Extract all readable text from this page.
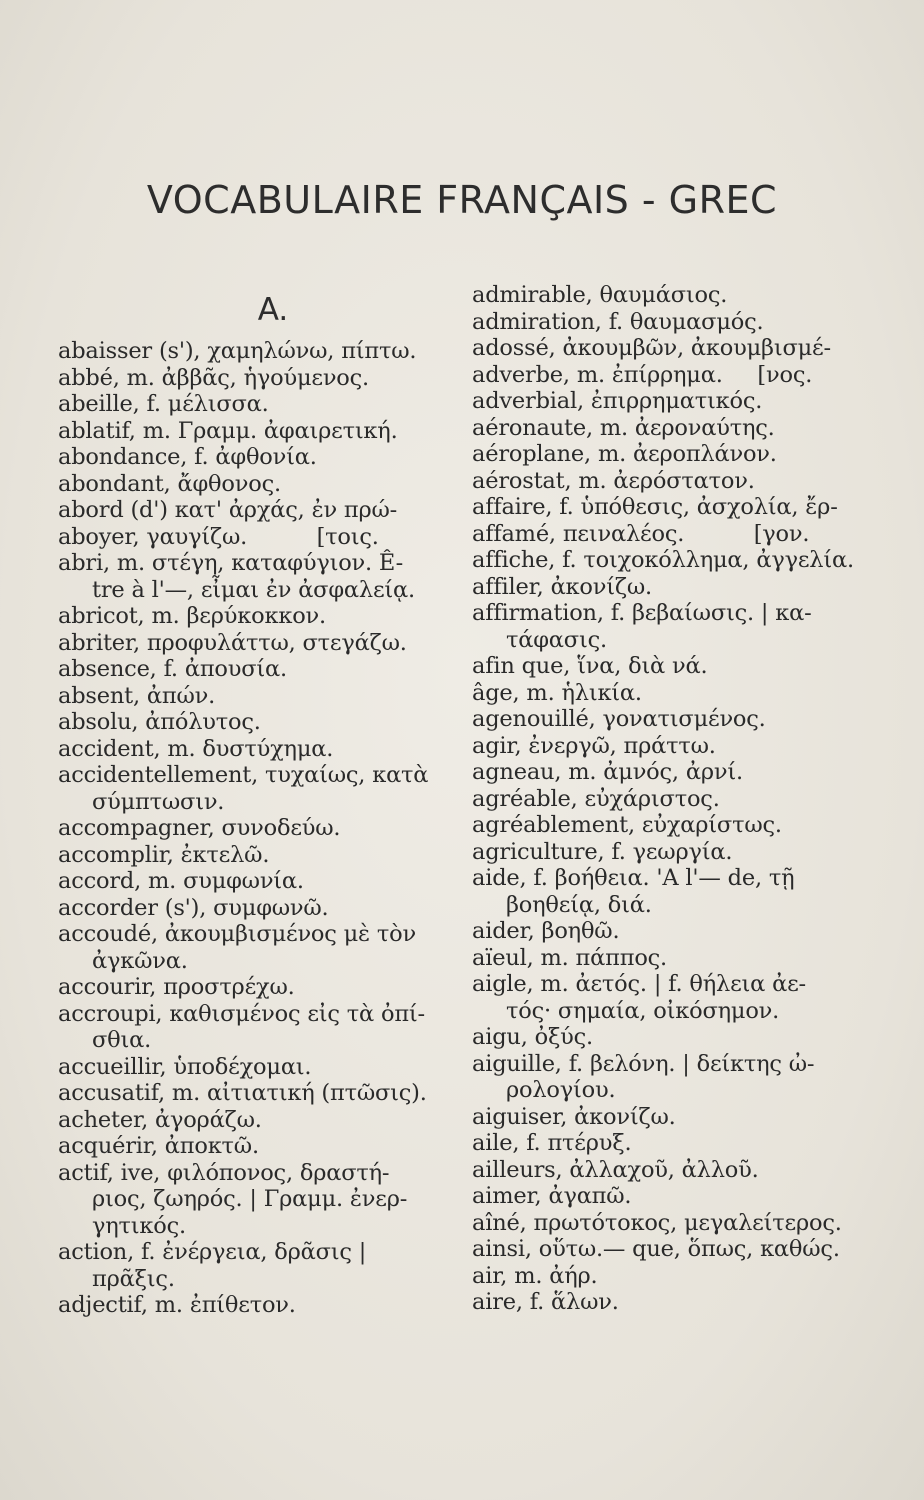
VOCABULAIRE FRANÇAIS - GREC
A.
abaisser (s'), χαμηλώνω, πίπτω.
abbé, m. ἀββᾶς, ἡγούμενος.
abeille, f. μέλισσα.
ablatif, m. Γραμμ. ἀφαιρετική.
abondance, f. ἀφθονία.
abondant, ἄφθονος.
abord (d') κατ' ἀρχάς, ἐν πρώ-
aboyer, γαυγίζω.          [τοις.
abri, m. στέγη, καταφύγιον. Ê-
tre à l'—, εἶμαι ἐν ἀσφαλείᾳ.
abricot, m. βερύκοκκον.
abriter, προφυλάττω, στεγάζω.
absence, f. ἀπουσία.
absent, ἀπών.
absolu, ἀπόλυτος.
accident, m. δυστύχημα.
accidentellement, τυχαίως, κατὰ
σύμπτωσιν.
accompagner, συνοδεύω.
accomplir, ἐκτελῶ.
accord, m. συμφωνία.
accorder (s'), συμφωνῶ.
accoudé, ἀκουμβισμένος μὲ τὸν
ἀγκῶνα.
accourir, προστρέχω.
accroupi, καθισμένος εἰς τὰ ὀπί-
σθια.
accueillir, ὑποδέχομαι.
accusatif, m. αἰτιατική (πτῶσις).
acheter, ἀγοράζω.
acquérir, ἀποκτῶ.
actif, ive, φιλόπονος, δραστή-
ριος, ζωηρός. | Γραμμ. ἐνερ-
γητικός.
action, f. ἐνέργεια, δρᾶσις |
πρᾶξις.
adjectif, m. ἐπίθετον.
admirable, θαυμάσιος.
admiration, f. θαυμασμός.
adossé, ἀκουμβῶν, ἀκουμβισμέ-
adverbe, m. ἐπίρρημα.     [νος.
adverbial, ἐπιρρηματικός.
aéronaute, m. ἀεροναύτης.
aéroplane, m. ἀεροπλάνον.
aérostat, m. ἀερόστατον.
affaire, f. ὑπόθεσις, ἀσχολία, ἔρ-
affamé, πειναλέος.          [γον.
affiche, f. τοιχοκόλλημα, ἀγγελία.
affiler, ἀκονίζω.
affirmation, f. βεβαίωσις. | κα-
τάφασις.
afin que, ἵνα, διὰ νά.
âge, m. ἡλικία.
agenouillé, γονατισμένος.
agir, ἐνεργῶ, πράττω.
agneau, m. ἀμνός, ἀρνί.
agréable, εὐχάριστος.
agréablement, εὐχαρίστως.
agriculture, f. γεωργία.
aide, f. βοήθεια. 'A l'— de, τῇ
βοηθείᾳ, διά.
aider, βοηθῶ.
aïeul, m. πάππος.
aigle, m. ἀετός. | f. θήλεια ἀε-
τός· σημαία, οἰκόσημον.
aigu, ὀξύς.
aiguille, f. βελόνη. | δείκτης ὠ-
ρολογίου.
aiguiser, ἀκονίζω.
aile, f. πτέρυξ.
ailleurs, ἀλλαχοῦ, ἀλλοῦ.
aimer, ἀγαπῶ.
aîné, πρωτότοκος, μεγαλείτερος.
ainsi, οὕτω.— que, ὅπως, καθώς.
air, m. ἀήρ.
aire, f. ἅλων.
